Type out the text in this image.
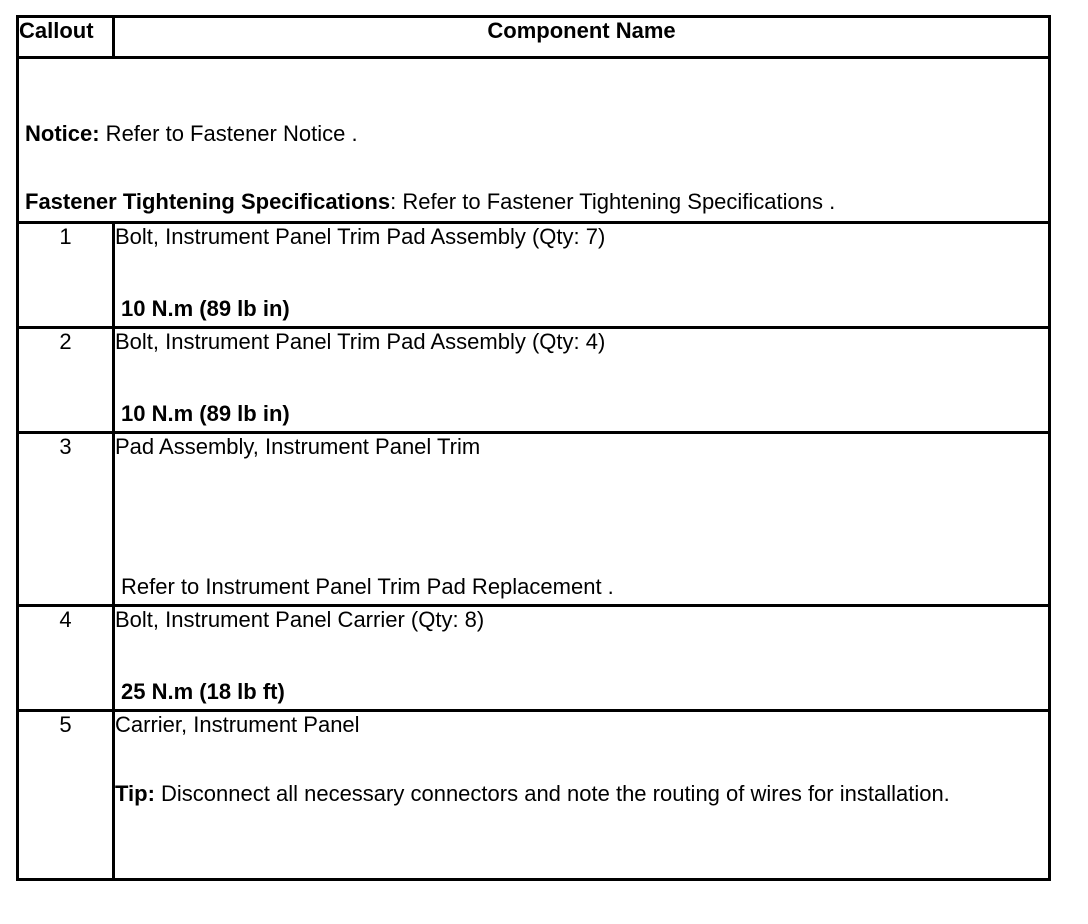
Callout	Component Name

Notice: Refer to Fastener Notice .
Fastener Tightening Specifications: Refer to Fastener Tightening Specifications .	

1	Bolt, Instrument Panel Trim Pad Assembly (Qty: 7)
10 N.m (89 lb in)

2	Bolt, Instrument Panel Trim Pad Assembly (Qty: 4)
10 N.m (89 lb in)

3	Pad Assembly, Instrument Panel Trim
Refer to Instrument Panel Trim Pad Replacement .

4	Bolt, Instrument Panel Carrier (Qty: 8)
25 N.m (18 lb ft)

5	Carrier, Instrument Panel
Tip: Disconnect all necessary connectors and note the routing of wires for installation.
